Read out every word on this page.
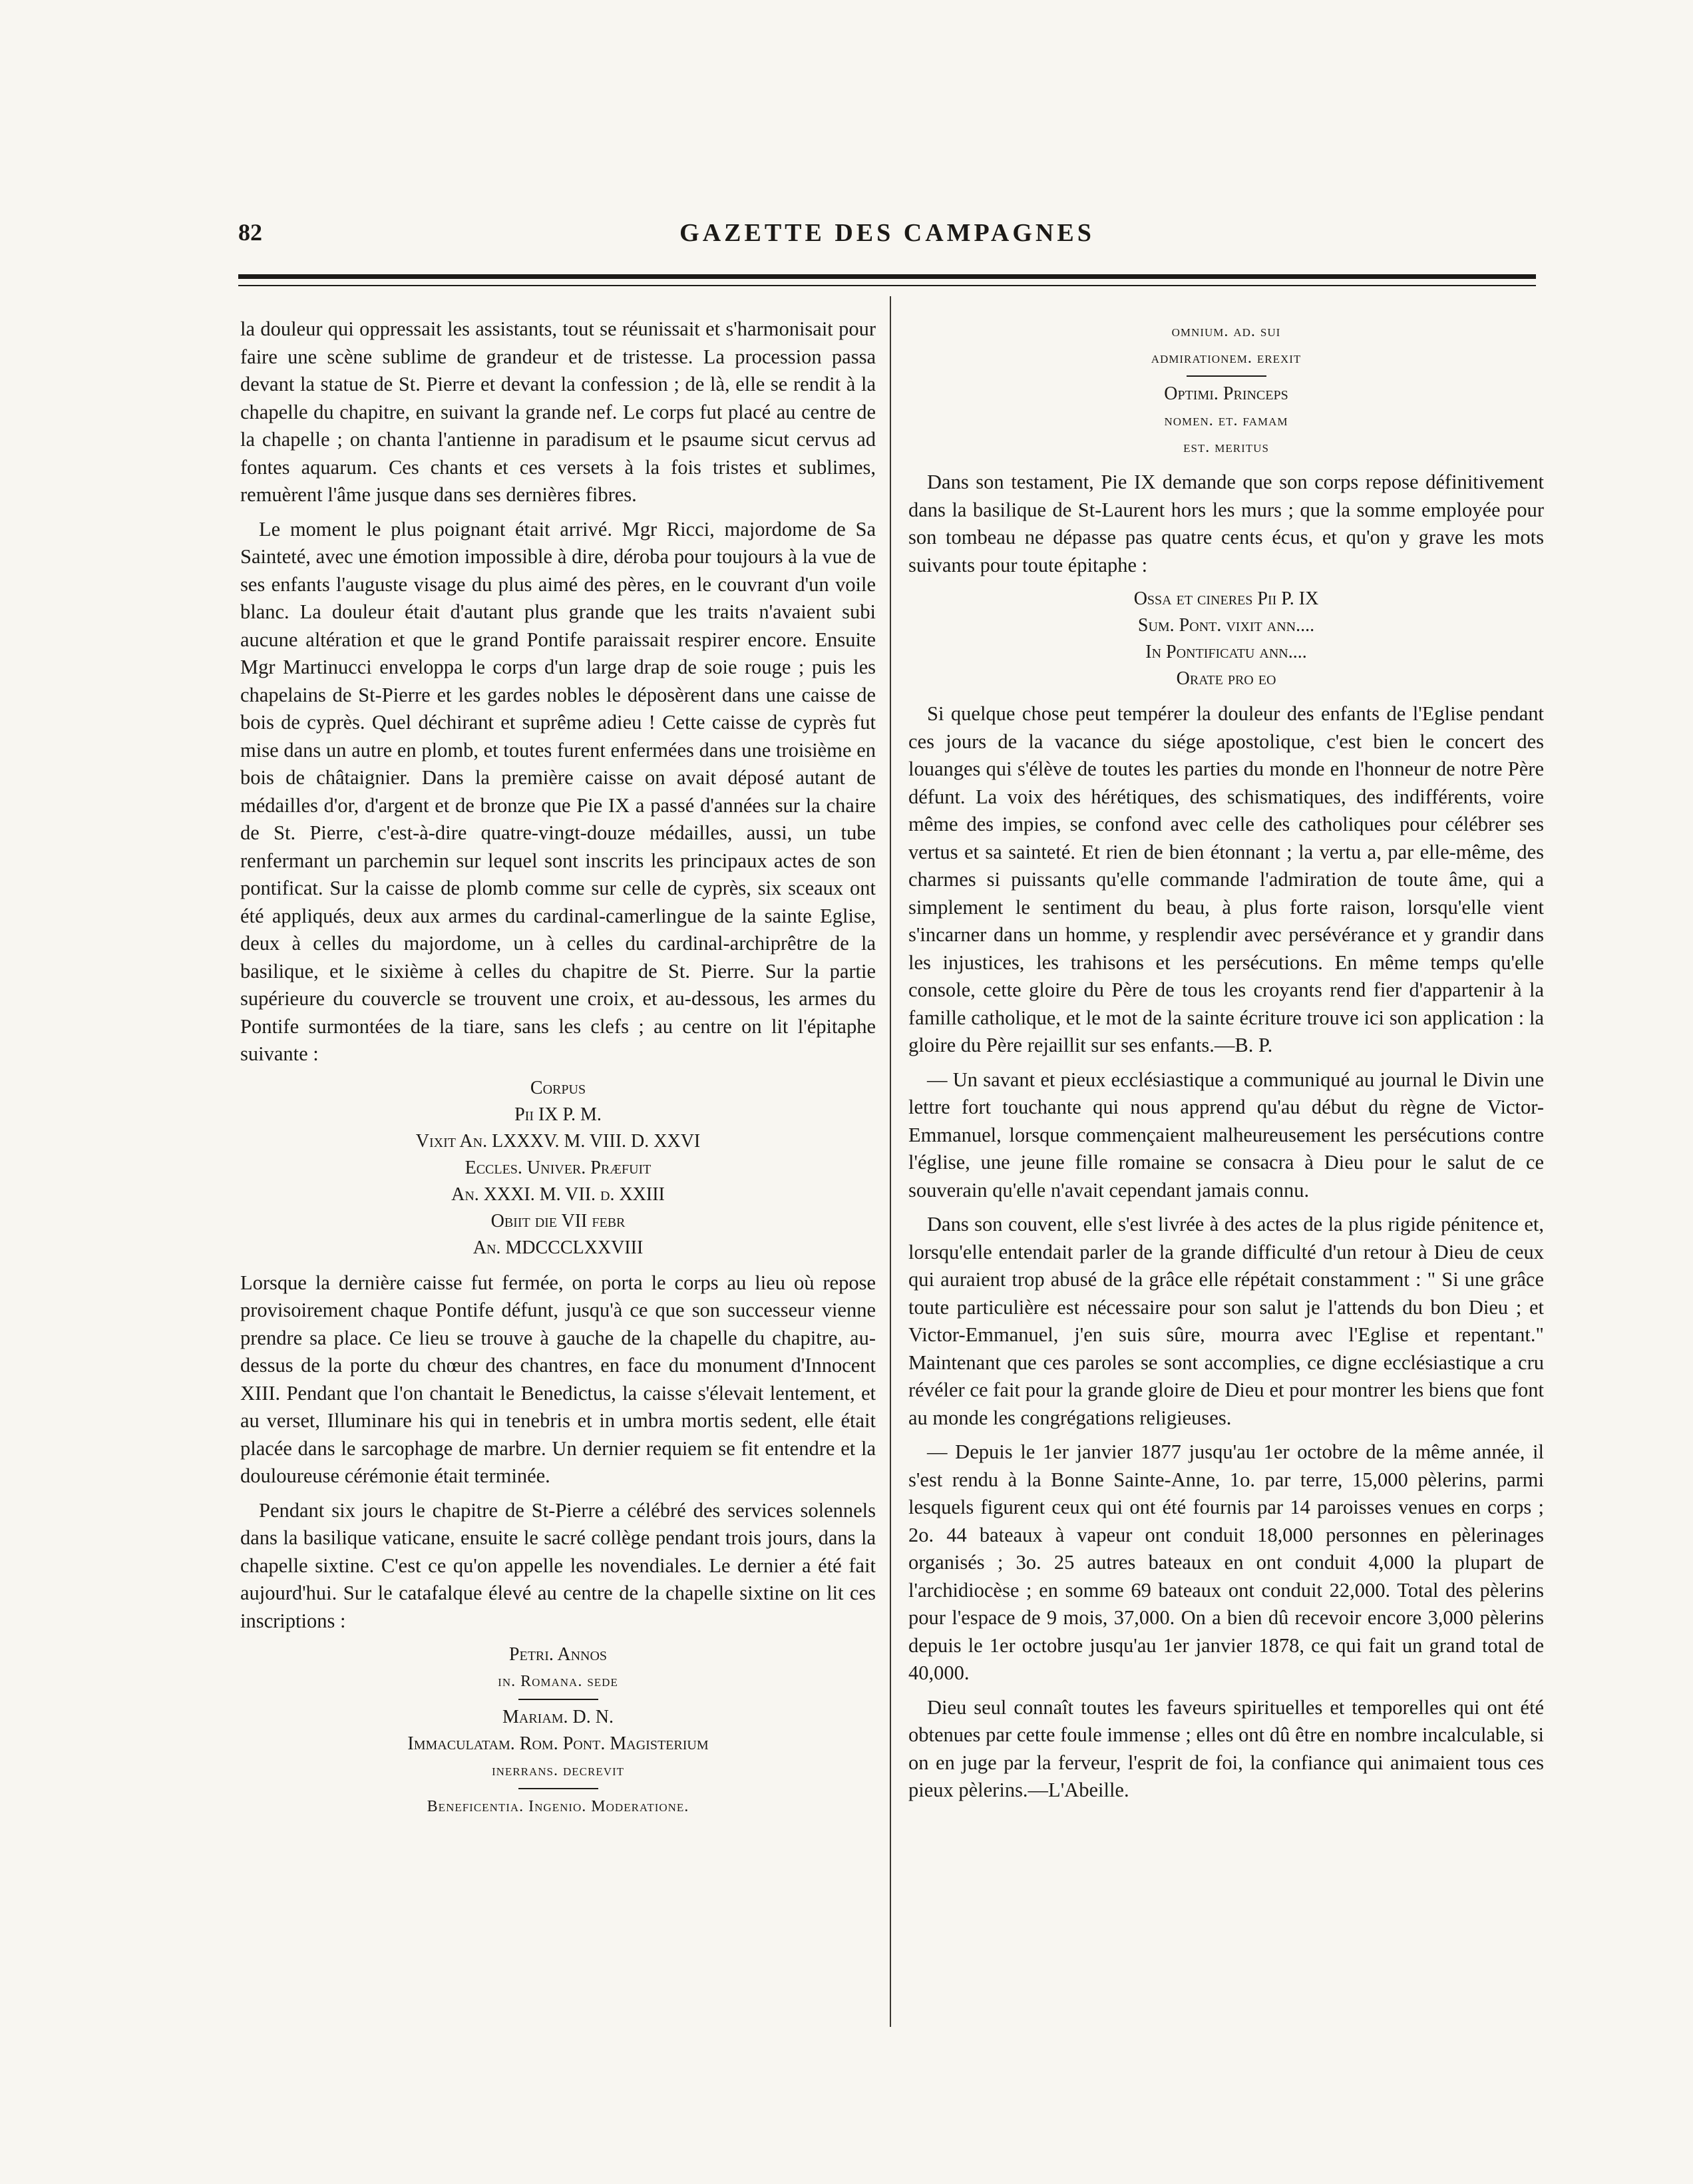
82	GAZETTE DES CAMPAGNES

la douleur qui oppressait les assistants, tout se réunissait et s'harmonisait pour faire une scène sublime de grandeur et de tristesse. La procession passa devant la statue de St. Pierre et devant la confession ; de là, elle se rendit à la chapelle du chapitre, en suivant la grande nef. Le corps fut placé au centre de la chapelle ; on chanta l'antienne in paradisum et le psaume sicut cervus ad fontes aquarum. Ces chants et ces versets à la fois tristes et sublimes, remuèrent l'âme jusque dans ses dernières fibres.

Le moment le plus poignant était arrivé. Mgr Ricci, majordome de Sa Sainteté, avec une émotion impossible à dire, déroba pour toujours à la vue de ses enfants l'auguste visage du plus aimé des pères, en le couvrant d'un voile blanc. La douleur était d'autant plus grande que les traits n'avaient subi aucune altération et que le grand Pontife paraissait respirer encore. Ensuite Mgr Martinucci enveloppa le corps d'un large drap de soie rouge ; puis les chapelains de St-Pierre et les gardes nobles le déposèrent dans une caisse de bois de cyprès. Quel déchirant et suprême adieu ! Cette caisse de cyprès fut mise dans un autre en plomb, et toutes furent enfermées dans une troisième en bois de châtaignier. Dans la première caisse on avait déposé autant de médailles d'or, d'argent et de bronze que Pie IX a passé d'années sur la chaire de St. Pierre, c'est-à-dire quatre-vingt-douze médailles, aussi, un tube renfermant un parchemin sur lequel sont inscrits les principaux actes de son pontificat. Sur la caisse de plomb comme sur celle de cyprès, six sceaux ont été appliqués, deux aux armes du cardinal-camerlingue de la sainte Eglise, deux à celles du majordome, un à celles du cardinal-archiprêtre de la basilique, et le sixième à celles du chapitre de St. Pierre. Sur la partie supérieure du couvercle se trouvent une croix, et au-dessous, les armes du Pontife surmontées de la tiare, sans les clefs ; au centre on lit l'épitaphe suivante :

Corpus
Pii IX P. M.
Vixit An. LXXXV. M. VIII. D. XXVI
Eccles. Univer. Præfuit
An. XXXI. M. VII. d. XXIII
Obiit die VII febr
An. MDCCCLXXVIII

Lorsque la dernière caisse fut fermée, on porta le corps au lieu où repose provisoirement chaque Pontife défunt, jusqu'à ce que son successeur vienne prendre sa place. Ce lieu se trouve à gauche de la chapelle du chapitre, au-dessus de la porte du chœur des chantres, en face du monument d'Innocent XIII. Pendant que l'on chantait le Benedictus, la caisse s'élevait lentement, et au verset, Illuminare his qui in tenebris et in umbra mortis sedent, elle était placée dans le sarcophage de marbre. Un dernier requiem se fit entendre et la douloureuse cérémonie était terminée.

Pendant six jours le chapitre de St-Pierre a célébré des services solennels dans la basilique vaticane, ensuite le sacré collège pendant trois jours, dans la chapelle sixtine. C'est ce qu'on appelle les novendiales. Le dernier a été fait aujourd'hui. Sur le catafalque élevé au centre de la chapelle sixtine on lit ces inscriptions :

Petri. Annos
in. Romana. sede
Mariam. D. N.
Immaculatam. Rom. Pont. Magisterium
inerrans. decrevit
Beneficentia. Ingenio. Moderatione.
omnium. ad. sui
admirationem. erexit
Optimi. Princeps
nomen. et. famam
est. meritus

Dans son testament, Pie IX demande que son corps repose définitivement dans la basilique de St-Laurent hors les murs ; que la somme employée pour son tombeau ne dépasse pas quatre cents écus, et qu'on y grave les mots suivants pour toute épitaphe :

Ossa et cineres Pii P. IX
Sum. Pont. vixit ann....
In Pontificatu ann....
Orate pro eo

Si quelque chose peut tempérer la douleur des enfants de l'Eglise pendant ces jours de la vacance du siége apostolique, c'est bien le concert des louanges qui s'élève de toutes les parties du monde en l'honneur de notre Père défunt. La voix des hérétiques, des schismatiques, des indifférents, voire même des impies, se confond avec celle des catholiques pour célébrer ses vertus et sa sainteté. Et rien de bien étonnant ; la vertu a, par elle-même, des charmes si puissants qu'elle commande l'admiration de toute âme, qui a simplement le sentiment du beau, à plus forte raison, lorsqu'elle vient s'incarner dans un homme, y resplendir avec persévérance et y grandir dans les injustices, les trahisons et les persécutions. En même temps qu'elle console, cette gloire du Père de tous les croyants rend fier d'appartenir à la famille catholique, et le mot de la sainte écriture trouve ici son application : la gloire du Père rejaillit sur ses enfants.—B. P.

— Un savant et pieux ecclésiastique a communiqué au journal le Divin une lettre fort touchante qui nous apprend qu'au début du règne de Victor-Emmanuel, lorsque commençaient malheureusement les persécutions contre l'église, une jeune fille romaine se consacra à Dieu pour le salut de ce souverain qu'elle n'avait cependant jamais connu.

Dans son couvent, elle s'est livrée à des actes de la plus rigide pénitence et, lorsqu'elle entendait parler de la grande difficulté d'un retour à Dieu de ceux qui auraient trop abusé de la grâce elle répétait constamment : " Si une grâce toute particulière est nécessaire pour son salut je l'attends du bon Dieu ; et Victor-Emmanuel, j'en suis sûre, mourra avec l'Eglise et repentant." Maintenant que ces paroles se sont accomplies, ce digne ecclésiastique a cru révéler ce fait pour la grande gloire de Dieu et pour montrer les biens que font au monde les congrégations religieuses.

— Depuis le 1er janvier 1877 jusqu'au 1er octobre de la même année, il s'est rendu à la Bonne Sainte-Anne, 1o. par terre, 15,000 pèlerins, parmi lesquels figurent ceux qui ont été fournis par 14 paroisses venues en corps ; 2o. 44 bateaux à vapeur ont conduit 18,000 personnes en pèlerinages organisés ; 3o. 25 autres bateaux en ont conduit 4,000 la plupart de l'archidiocèse ; en somme 69 bateaux ont conduit 22,000. Total des pèlerins pour l'espace de 9 mois, 37,000. On a bien dû recevoir encore 3,000 pèlerins depuis le 1er octobre jusqu'au 1er janvier 1878, ce qui fait un grand total de 40,000.

Dieu seul connaît toutes les faveurs spirituelles et temporelles qui ont été obtenues par cette foule immense ; elles ont dû être en nombre incalculable, si on en juge par la ferveur, l'esprit de foi, la confiance qui animaient tous ces pieux pèlerins.—L'Abeille.
